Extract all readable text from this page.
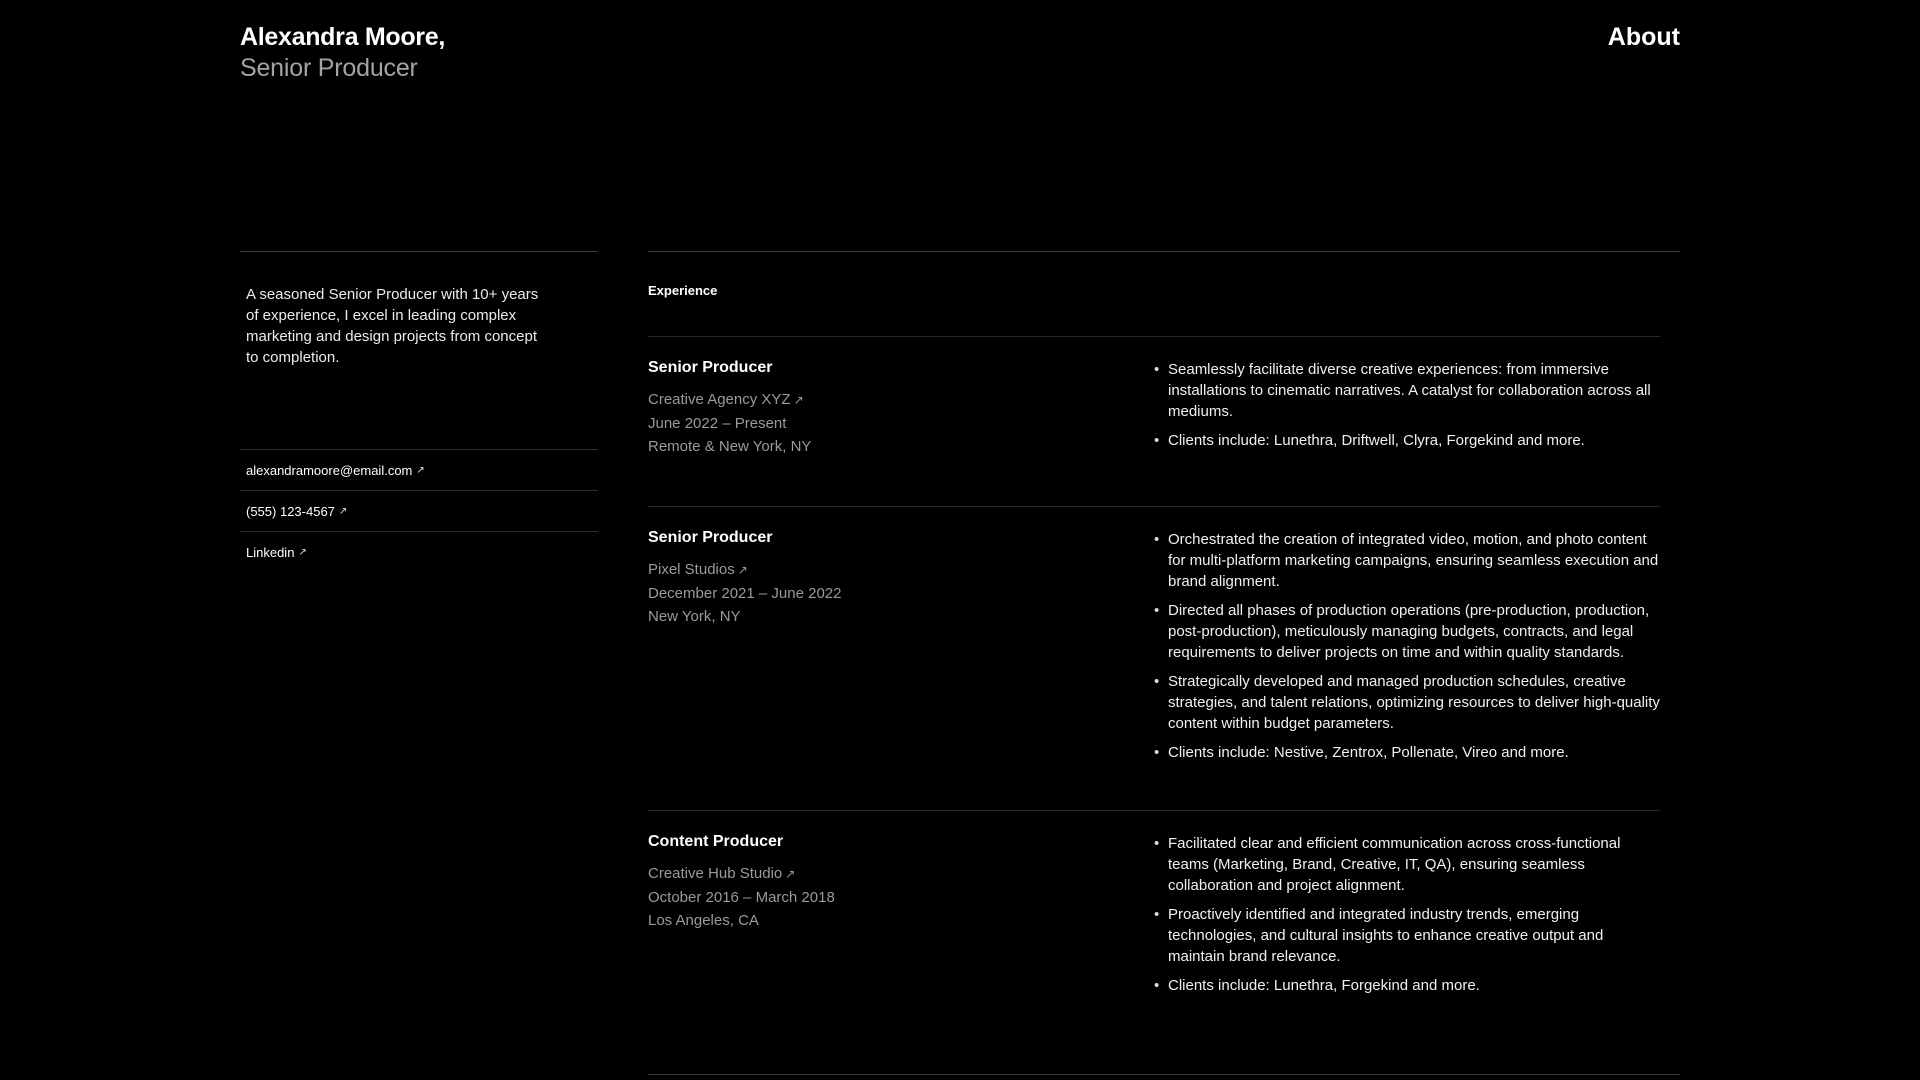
Alexandra Moore,
Senior Producer
About

A seasoned Senior Producer with 10+ years of experience, I excel in leading complex marketing and design projects from concept to completion.

alexandramoore@email.com ↗
(555) 123-4567 ↗
Linkedin ↗
Experience
Senior Producer
Creative Agency XYZ ↗
June 2022 – Present
Remote & New York, NY
• Seamlessly facilitate diverse creative experiences: from immersive installations to cinematic narratives. A catalyst for collaboration across all mediums.
• Clients include: Lunethra, Driftwell, Clyra, Forgekind and more.
Senior Producer
Pixel Studios ↗
December 2021 – June 2022
New York, NY
• Orchestrated the creation of integrated video, motion, and photo content for multi-platform marketing campaigns, ensuring seamless execution and brand alignment.
• Directed all phases of production operations (pre-production, production, post-production), meticulously managing budgets, contracts, and legal requirements to deliver projects on time and within quality standards.
• Strategically developed and managed production schedules, creative strategies, and talent relations, optimizing resources to deliver high-quality content within budget parameters.
• Clients include: Nestive, Zentrox, Pollenate, Vireo and more.
Content Producer
Creative Hub Studio ↗
October 2016 – March 2018
Los Angeles, CA
• Facilitated clear and efficient communication across cross-functional teams (Marketing, Brand, Creative, IT, QA), ensuring seamless collaboration and project alignment.
• Proactively identified and integrated industry trends, emerging technologies, and cultural insights to enhance creative output and maintain brand relevance.
• Clients include: Lunethra, Forgekind and more.
